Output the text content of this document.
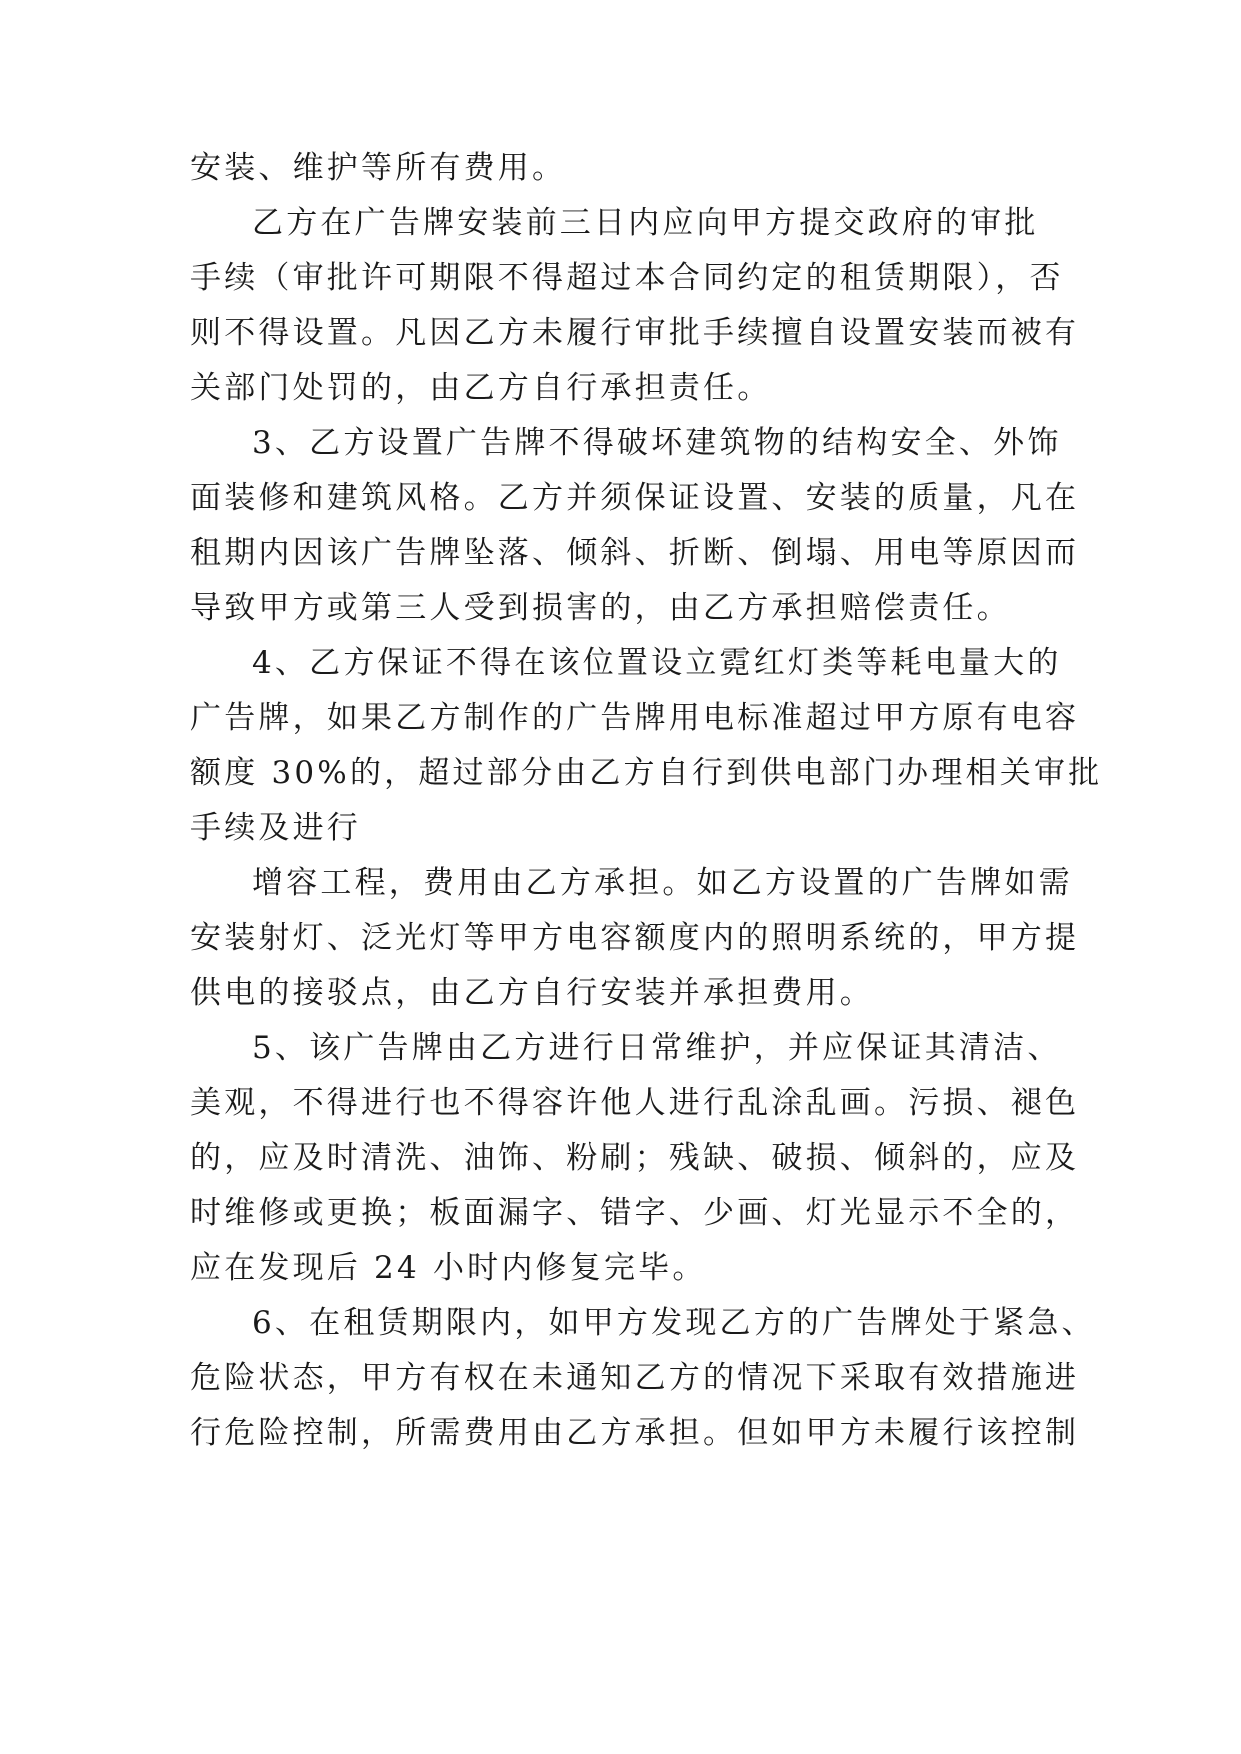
安装、维护等所有费用。

乙方在广告牌安装前三日内应向甲方提交政府的审批

手续（审批许可期限不得超过本合同约定的租赁期限），否

则不得设置。凡因乙方未履行审批手续擅自设置安装而被有

关部门处罚的，由乙方自行承担责任。

3、乙方设置广告牌不得破坏建筑物的结构安全、外饰

面装修和建筑风格。乙方并须保证设置、安装的质量，凡在

租期内因该广告牌坠落、倾斜、折断、倒塌、用电等原因而

导致甲方或第三人受到损害的，由乙方承担赔偿责任。

4、乙方保证不得在该位置设立霓红灯类等耗电量大的

广告牌，如果乙方制作的广告牌用电标准超过甲方原有电容

额度 30%的，超过部分由乙方自行到供电部门办理相关审批

手续及进行

增容工程，费用由乙方承担。如乙方设置的广告牌如需

安装射灯、泛光灯等甲方电容额度内的照明系统的，甲方提

供电的接驳点，由乙方自行安装并承担费用。

5、该广告牌由乙方进行日常维护，并应保证其清洁、

美观，不得进行也不得容许他人进行乱涂乱画。污损、褪色

的，应及时清洗、油饰、粉刷；残缺、破损、倾斜的，应及

时维修或更换；板面漏字、错字、少画、灯光显示不全的，

应在发现后 24 小时内修复完毕。

6、在租赁期限内，如甲方发现乙方的广告牌处于紧急、

危险状态，甲方有权在未通知乙方的情况下采取有效措施进

行危险控制，所需费用由乙方承担。但如甲方未履行该控制
